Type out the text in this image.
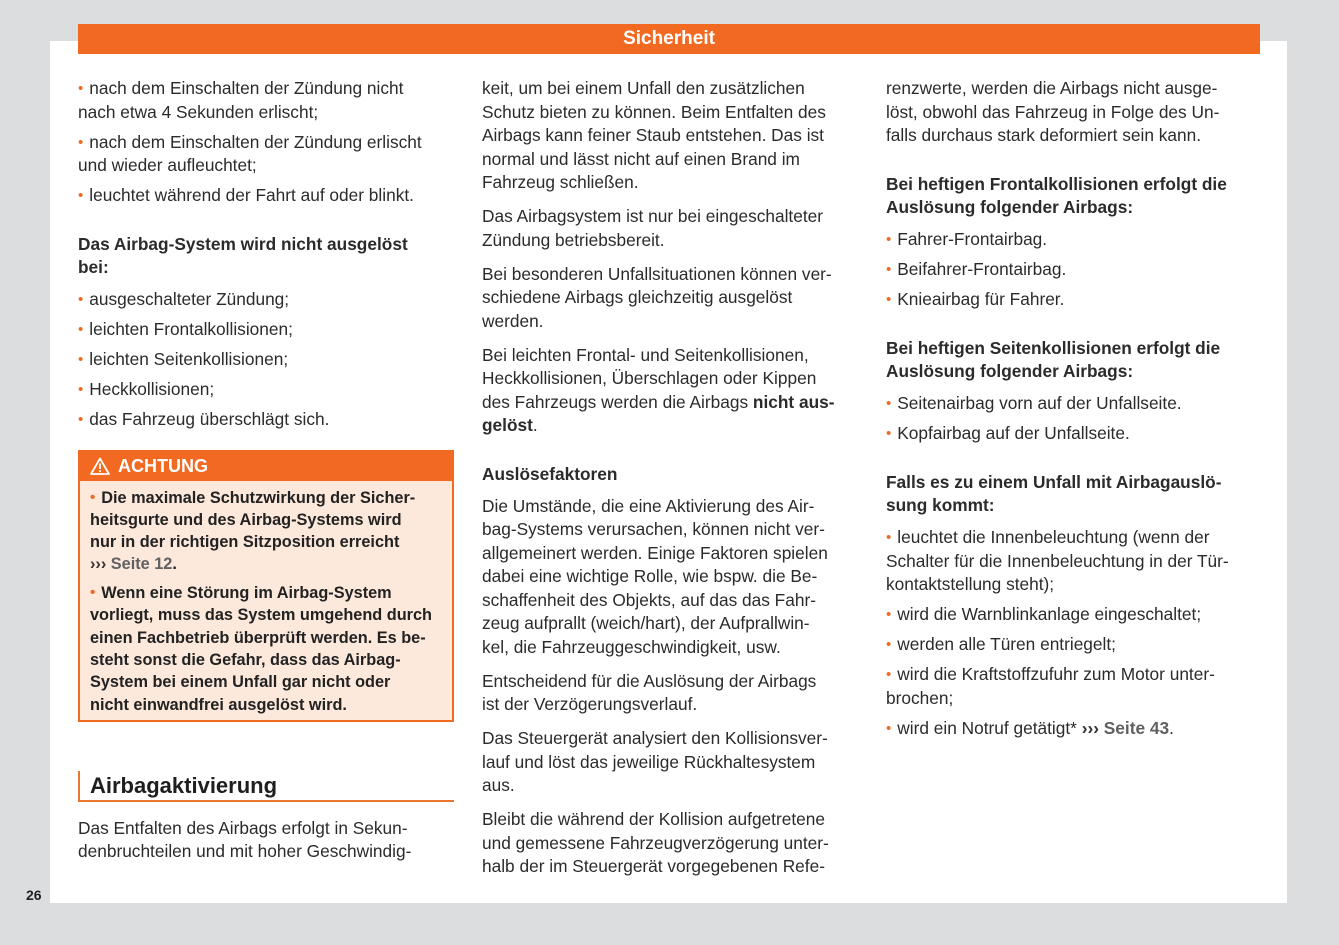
Sicherheit
• nach dem Einschalten der Zündung nicht
nach etwa 4 Sekunden erlischt;
• nach dem Einschalten der Zündung erlischt
und wieder aufleuchtet;
• leuchtet während der Fahrt auf oder blinkt.
Das Airbag-System wird nicht ausgelöst
bei:
• ausgeschalteter Zündung;
• leichten Frontalkollisionen;
• leichten Seitenkollisionen;
• Heckkollisionen;
• das Fahrzeug überschlägt sich.
ACHTUNG
• Die maximale Schutzwirkung der Sicher-
heitsgurte und des Airbag-Systems wird
nur in der richtigen Sitzposition erreicht
››› Seite 12.
• Wenn eine Störung im Airbag-System
vorliegt, muss das System umgehend durch
einen Fachbetrieb überprüft werden. Es be-
steht sonst die Gefahr, dass das Airbag-
System bei einem Unfall gar nicht oder
nicht einwandfrei ausgelöst wird.
Airbagaktivierung
Das Entfalten des Airbags erfolgt in Sekun-
denbruchteilen und mit hoher Geschwindig-
keit, um bei einem Unfall den zusätzlichen
Schutz bieten zu können. Beim Entfalten des
Airbags kann feiner Staub entstehen. Das ist
normal und lässt nicht auf einen Brand im
Fahrzeug schließen.
Das Airbagsystem ist nur bei eingeschalteter
Zündung betriebsbereit.
Bei besonderen Unfallsituationen können ver-
schiedene Airbags gleichzeitig ausgelöst
werden.
Bei leichten Frontal- und Seitenkollisionen,
Heckkollisionen, Überschlagen oder Kippen
des Fahrzeugs werden die Airbags nicht aus-
gelöst.
Auslösefaktoren
Die Umstände, die eine Aktivierung des Air-
bag-Systems verursachen, können nicht ver-
allgemeinert werden. Einige Faktoren spielen
dabei eine wichtige Rolle, wie bspw. die Be-
schaffenheit des Objekts, auf das das Fahr-
zeug aufprallt (weich/hart), der Aufprallwin-
kel, die Fahrzeuggeschwindigkeit, usw.
Entscheidend für die Auslösung der Airbags
ist der Verzögerungsverlauf.
Das Steuergerät analysiert den Kollisionsver-
lauf und löst das jeweilige Rückhaltesystem
aus.
Bleibt die während der Kollision aufgetretene
und gemessene Fahrzeugverzögerung unter-
halb der im Steuergerät vorgegebenen Refe-
renzwerte, werden die Airbags nicht ausge-
löst, obwohl das Fahrzeug in Folge des Un-
falls durchaus stark deformiert sein kann.
Bei heftigen Frontalkollisionen erfolgt die
Auslösung folgender Airbags:
• Fahrer-Frontairbag.
• Beifahrer-Frontairbag.
• Knieairbag für Fahrer.
Bei heftigen Seitenkollisionen erfolgt die
Auslösung folgender Airbags:
• Seitenairbag vorn auf der Unfallseite.
• Kopfairbag auf der Unfallseite.
Falls es zu einem Unfall mit Airbagauslö-
sung kommt:
• leuchtet die Innenbeleuchtung (wenn der
Schalter für die Innenbeleuchtung in der Tür-
kontaktstellung steht);
• wird die Warnblinkanlage eingeschaltet;
• werden alle Türen entriegelt;
• wird die Kraftstoffzufuhr zum Motor unter-
brochen;
• wird ein Notruf getätigt* ››› Seite 43.
26
